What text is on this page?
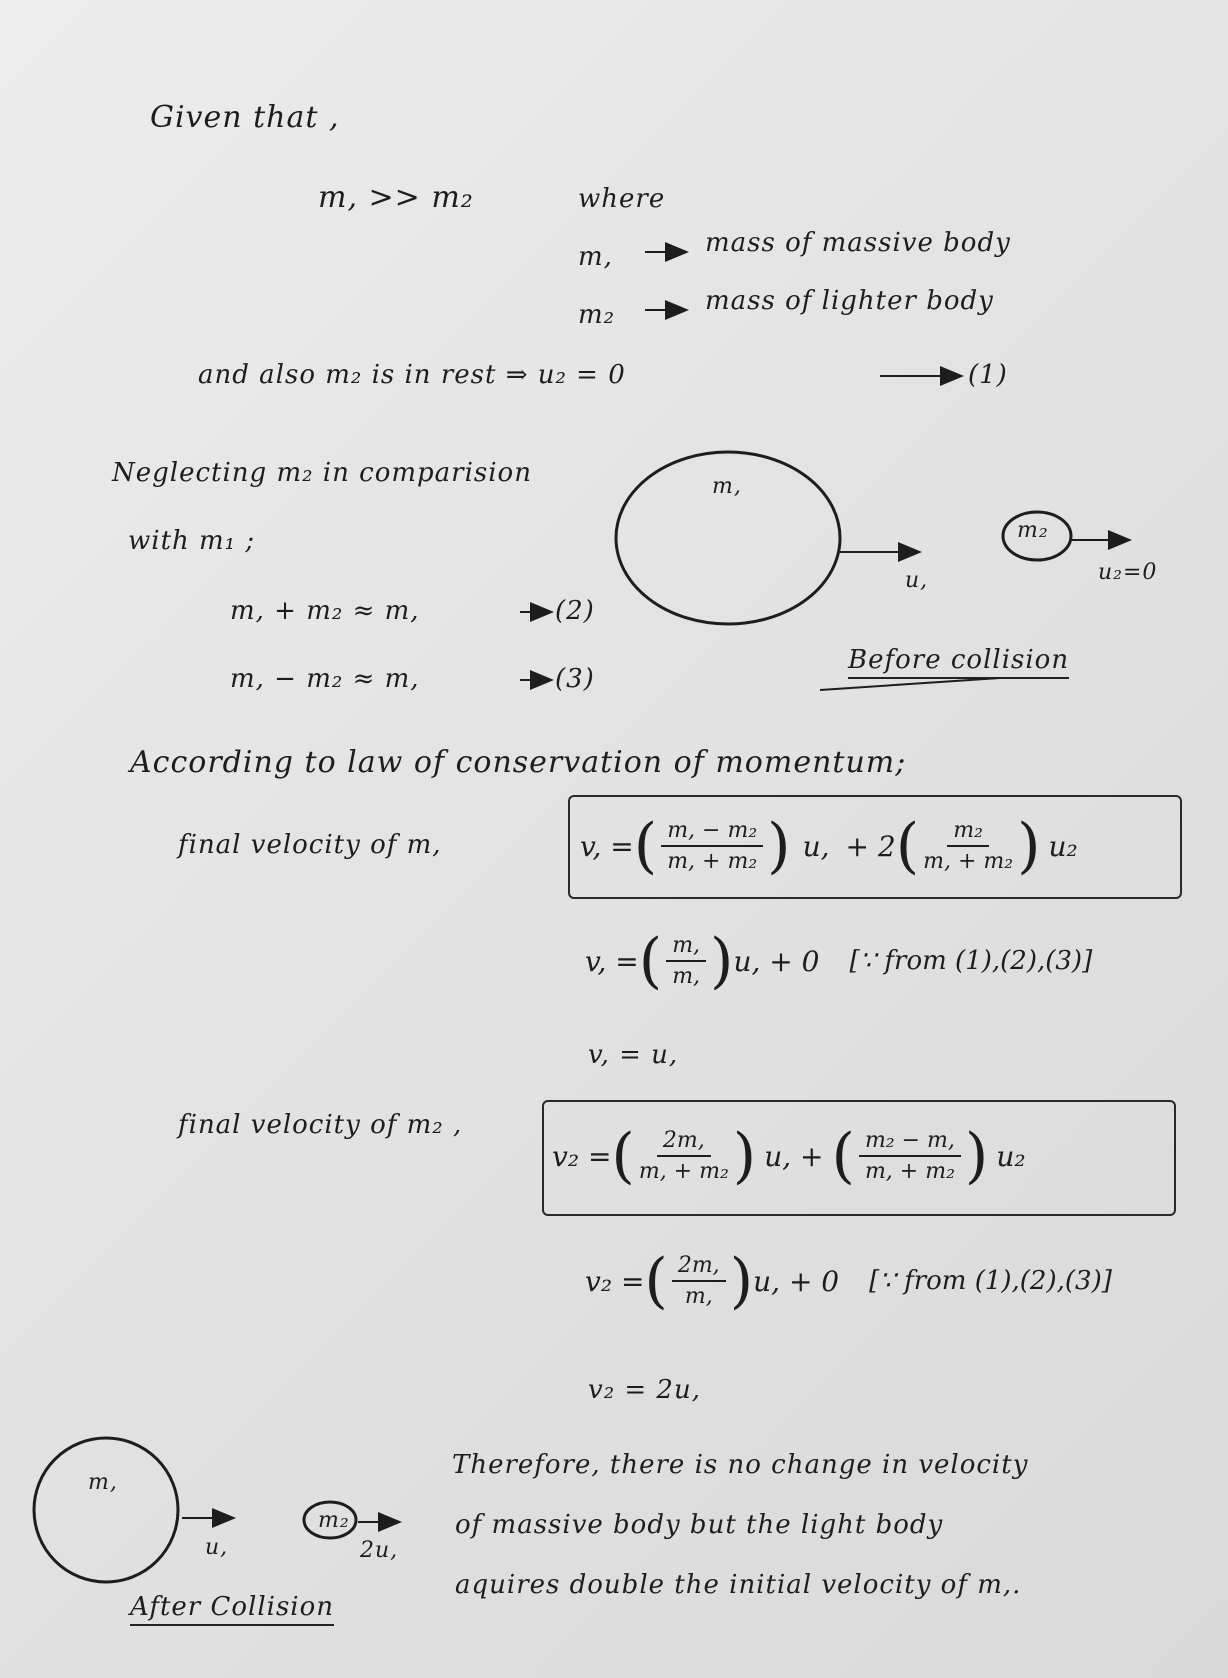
Given that ,
m, >> m₂	where
m,	mass of massive body
m₂	mass of lighter body
and also m₂ is in rest ⇒ u₂ = 0	(1)
Neglecting m₂ in comparision
with m₁ ;
m, + m₂ ≈ m,	(2)
m, − m₂ ≈ m,	(3)
m,
u,
m₂
u₂=0
Before collision
According to law of conservation of momentum;
final velocity of m,	v, = ( $\frac{\text{m, − m₂}}{\text{m, + m₂}}$ ) u, + 2 ( $\frac{\text{m₂}}{\text{m, + m₂}}$ ) u₂
v, = ( $\frac{m,}{m,}$ ) u, + 0 [∵ from (1),(2),(3)]
v, = u,
final velocity of m₂ ,
v₂ = ( $\frac{2m,}{\text{m, + m₂}}$ ) u, + ( $\frac{\text{m₂ − m,}}{\text{m, + m₂}}$ ) u₂
v₂ = ( $\frac{2m,}{m,}$ ) u, + 0 [∵ from (1),(2),(3)]
v₂ = 2u,
m,
u,
m₂
2u,
After Collision
Therefore, there is no change in velocity
of massive body but the light body
aquires double the initial velocity of m,.
